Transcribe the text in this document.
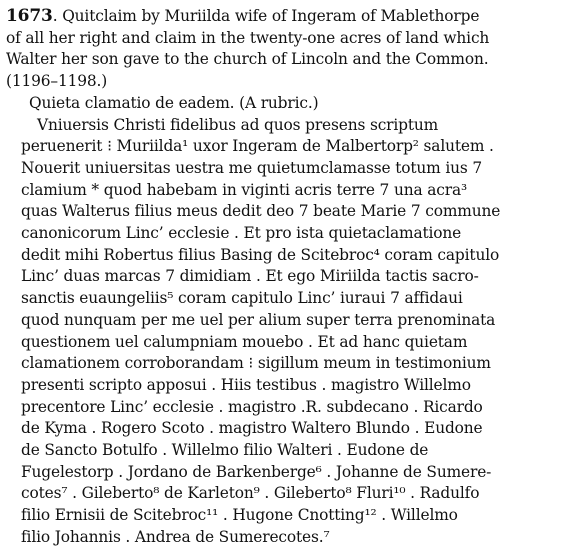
1673. Quitclaim by Muriilda wife of Ingeram of Mablethorpe
of all her right and claim in the twenty-one acres of land which
Walter her son gave to the church of Lincoln and the Common.
(1196–1198.)
Quieta clamatio de eadem. (A rubric.)
Vniuersis Christi fidelibus ad quos presens scriptum
peruenerit ⁝ Muriilda¹ uxor Ingeram de Malbertorp² salutem .
Nouerit uniuersitas uestra me quietumclamasse totum ius 7
clamium * quod habebam in viginti acris terre 7 una acra³
quas Walterus filius meus dedit deo 7 beate Marie 7 commune
canonicorum Linc’ ecclesie . Et pro ista quietaclamatione
dedit mihi Robertus filius Basing de Scitebroc⁴ coram capitulo
Linc’ duas marcas 7 dimidiam . Et ego Miriilda tactis sacro-
sanctis euaungeliis⁵ coram capitulo Linc’ iuraui 7 affidaui
quod nunquam per me uel per alium super terra prenominata
questionem uel calumpniam mouebo . Et ad hanc quietam
clamationem corroborandam ⁝ sigillum meum in testimonium
presenti scripto apposui . Hiis testibus . magistro Willelmo
precentore Linc’ ecclesie . magistro .R. subdecano . Ricardo
de Kyma . Rogero Scoto . magistro Waltero Blundo . Eudone
de Sancto Botulfo . Willelmo filio Walteri . Eudone de
Fugelestorp . Jordano de Barkenberge⁶ . Johanne de Sumere-
cotes⁷ . Gileberto⁸ de Karleton⁹ . Gileberto⁸ Fluri¹⁰ . Radulfo
filio Ernisii de Scitebroc¹¹ . Hugone Cnotting¹² . Willelmo
filio Johannis . Andrea de Sumerecotes.⁷
